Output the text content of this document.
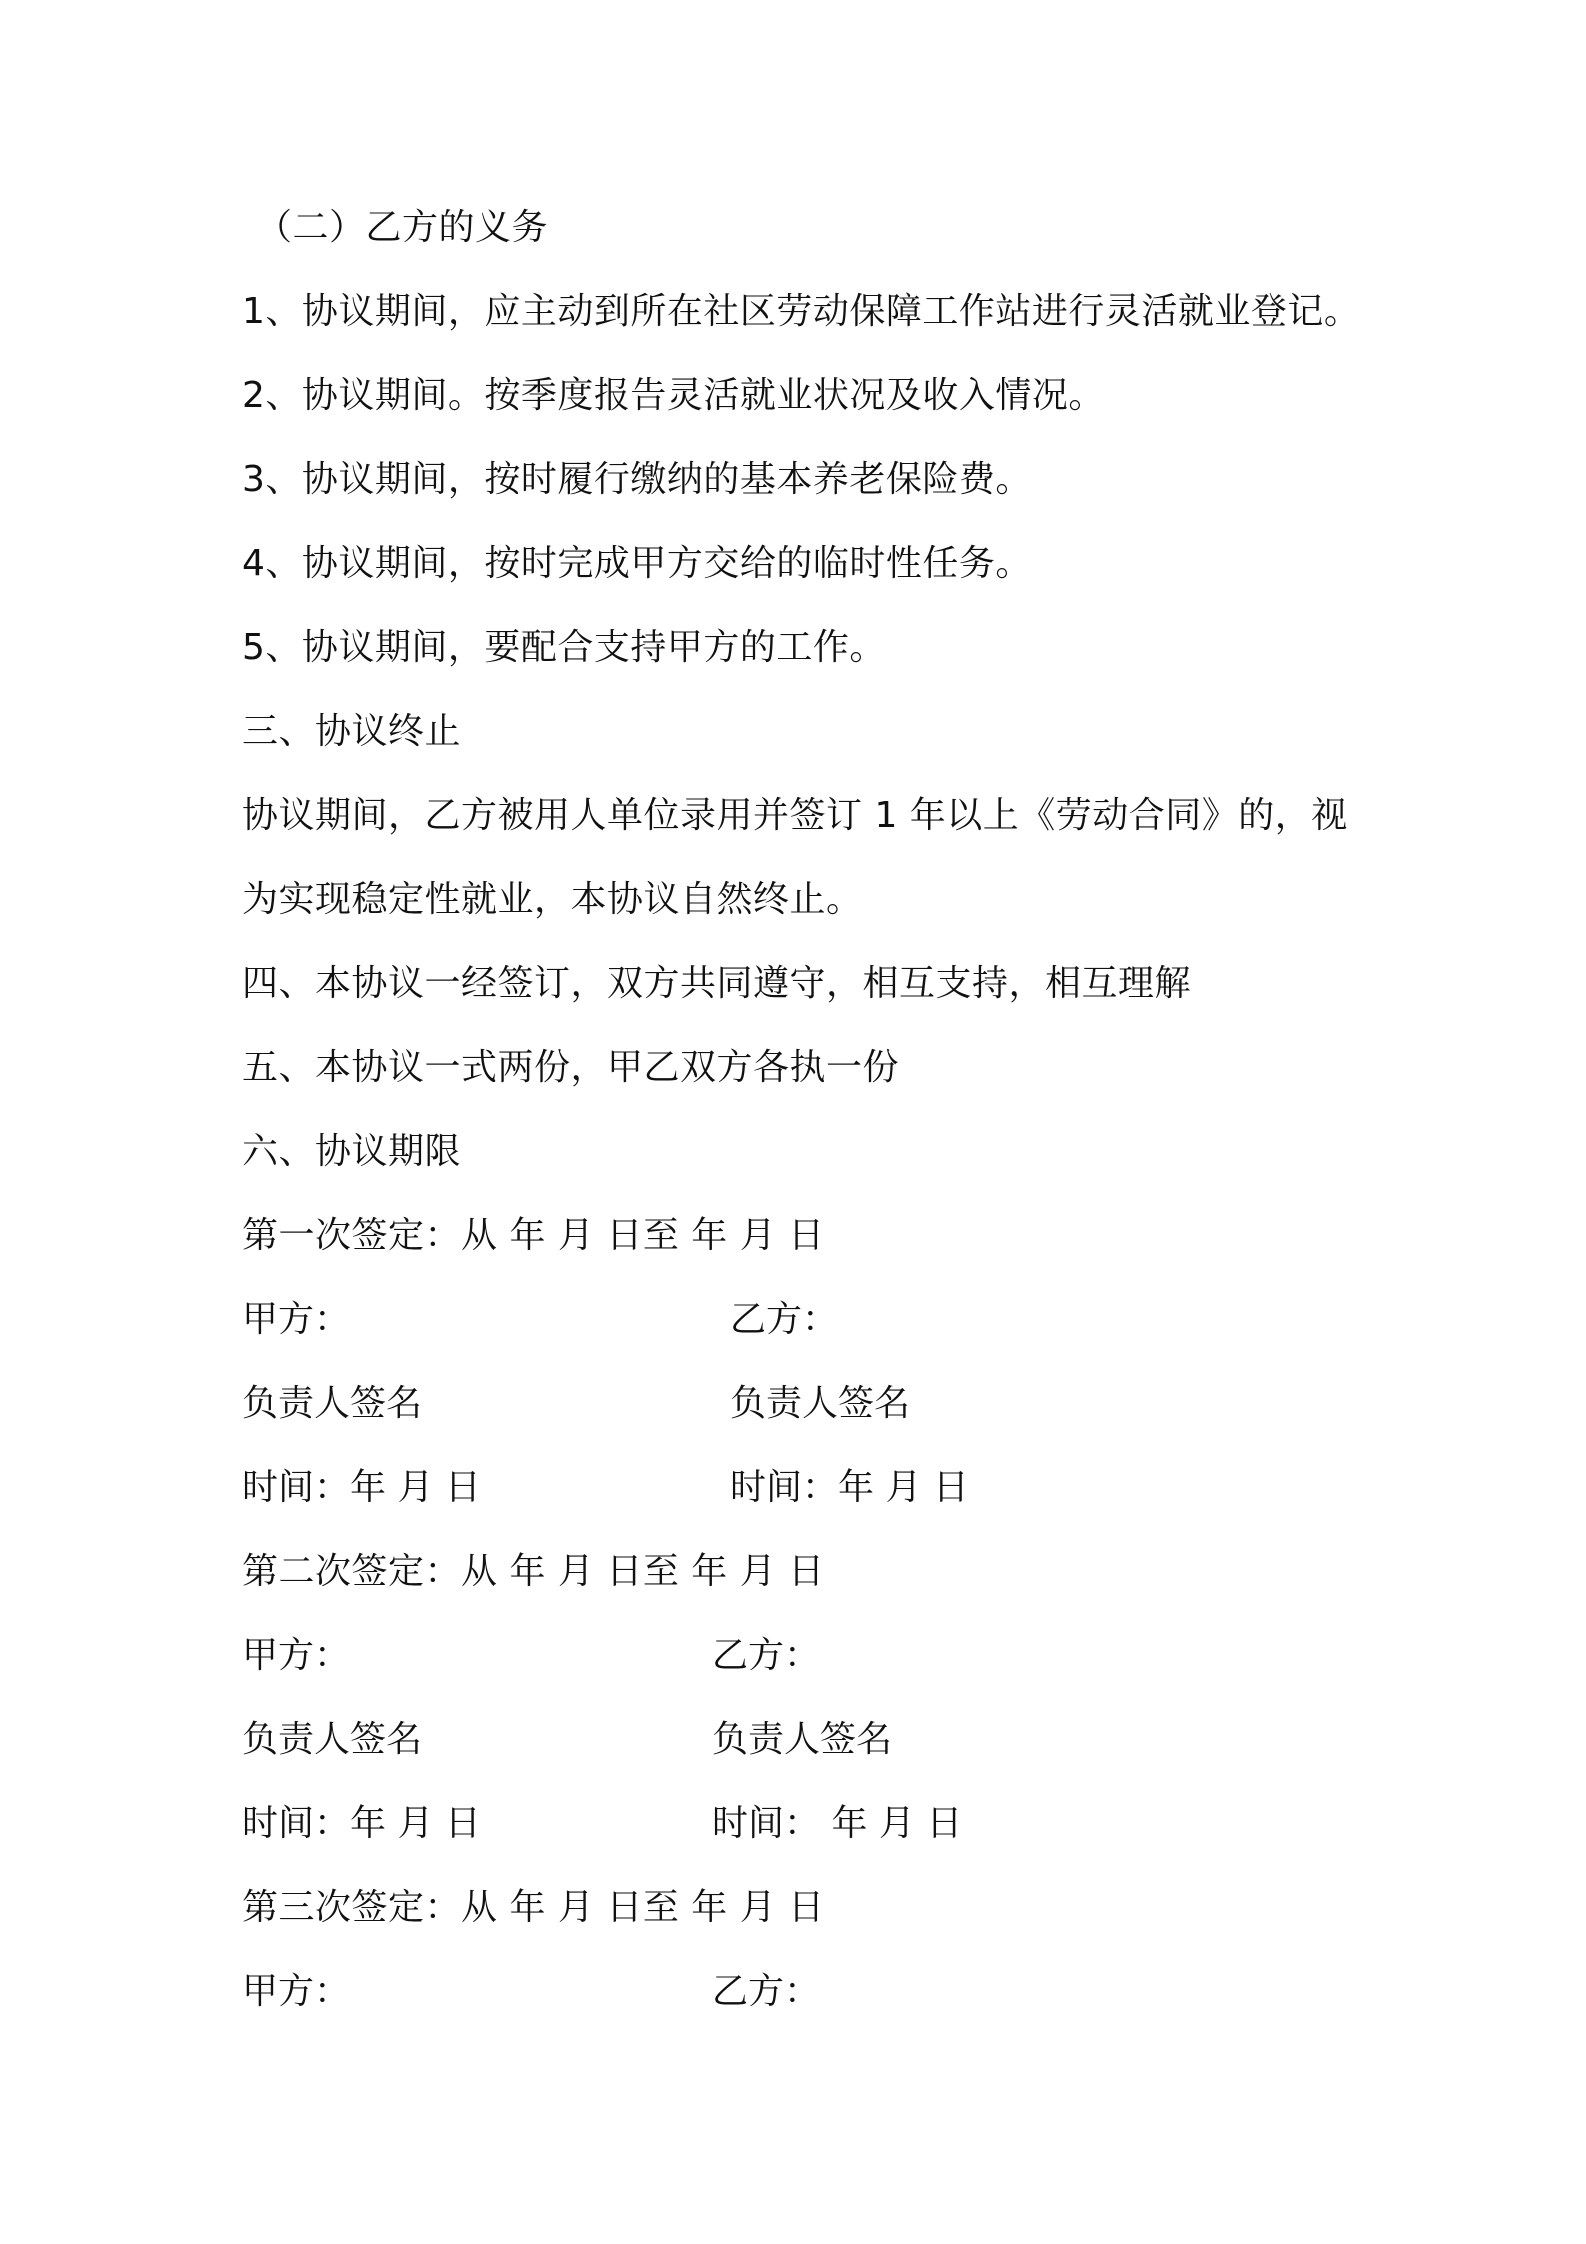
（二）乙方的义务
1、协议期间，应主动到所在社区劳动保障工作站进行灵活就业登记。
2、协议期间。按季度报告灵活就业状况及收入情况。
3、协议期间，按时履行缴纳的基本养老保险费。
4、协议期间，按时完成甲方交给的临时性任务。
5、协议期间，要配合支持甲方的工作。
三、协议终止
协议期间，乙方被用人单位录用并签订 1 年以上《劳动合同》的，视
为实现稳定性就业，本协议自然终止。
四、本协议一经签订，双方共同遵守，相互支持，相互理解
五、本协议一式两份，甲乙双方各执一份
六、协议期限
第一次签定：从 年 月 日至 年 月 日
甲方：	乙方：
负责人签名	负责人签名
时间：年 月 日	时间：年 月 日
第二次签定：从 年 月 日至 年 月 日
甲方：	乙方：
负责人签名	负责人签名
时间：年 月 日	时间： 年 月 日
第三次签定：从 年 月 日至 年 月 日
甲方：	乙方：
